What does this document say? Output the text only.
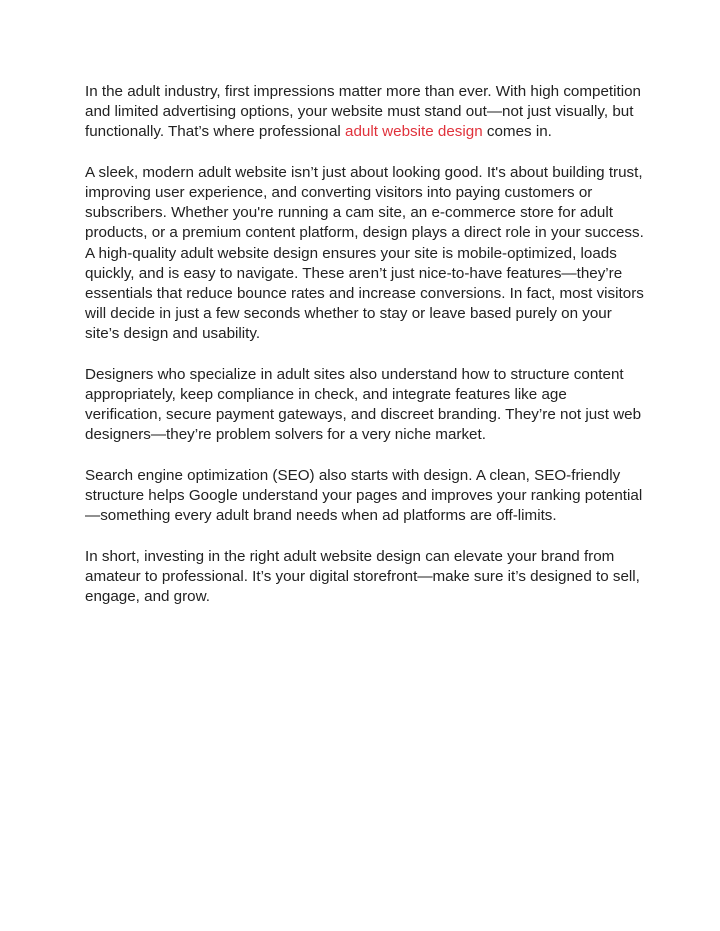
In the adult industry, first impressions matter more than ever. With high competition and limited advertising options, your website must stand out—not just visually, but functionally. That’s where professional adult website design comes in.

A sleek, modern adult website isn’t just about looking good. It's about building trust, improving user experience, and converting visitors into paying customers or subscribers. Whether you're running a cam site, an e-commerce store for adult products, or a premium content platform, design plays a direct role in your success.

A high-quality adult website design ensures your site is mobile-optimized, loads quickly, and is easy to navigate. These aren’t just nice-to-have features—they’re essentials that reduce bounce rates and increase conversions. In fact, most visitors will decide in just a few seconds whether to stay or leave based purely on your site’s design and usability.

Designers who specialize in adult sites also understand how to structure content appropriately, keep compliance in check, and integrate features like age verification, secure payment gateways, and discreet branding. They’re not just web designers—they’re problem solvers for a very niche market.

Search engine optimization (SEO) also starts with design. A clean, SEO-friendly structure helps Google understand your pages and improves your ranking potential—something every adult brand needs when ad platforms are off-limits.

In short, investing in the right adult website design can elevate your brand from amateur to professional. It’s your digital storefront—make sure it’s designed to sell, engage, and grow.
